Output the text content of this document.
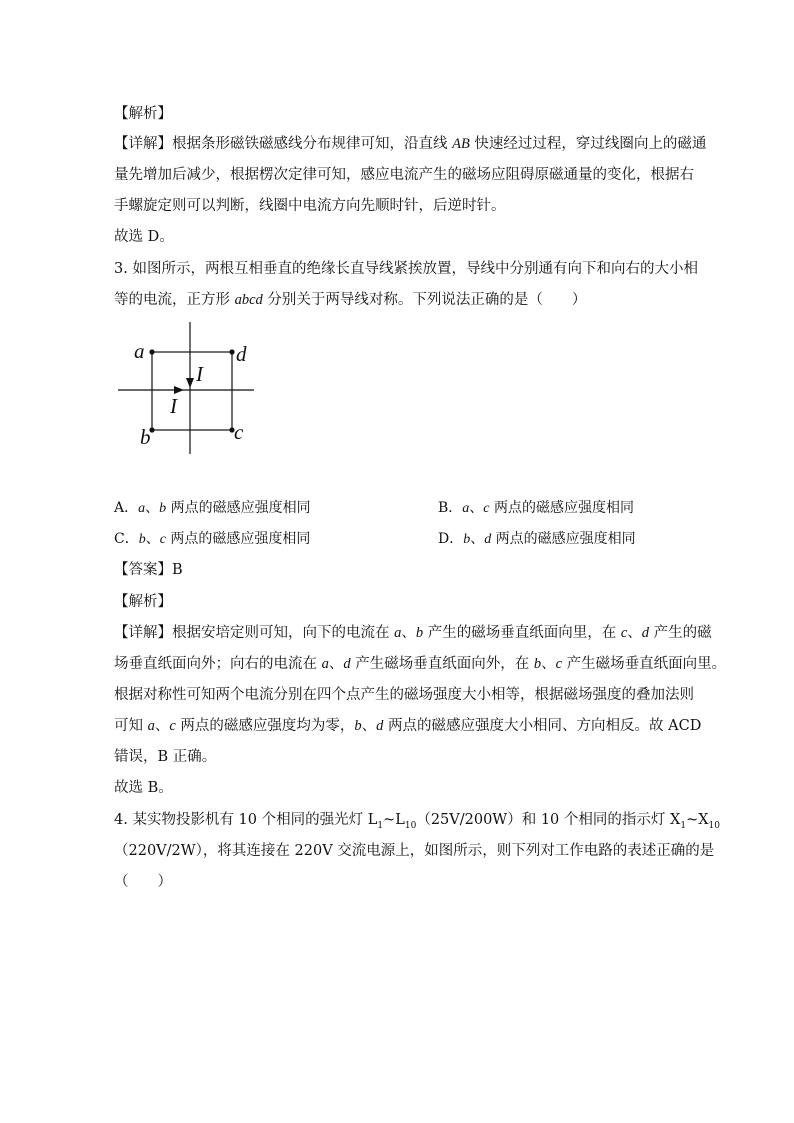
【解析】
【详解】根据条形磁铁磁感线分布规律可知，沿直线 AB 快速经过过程，穿过线圈向上的磁通
量先增加后减少，根据楞次定律可知，感应电流产生的磁场应阻碍原磁通量的变化，根据右
手螺旋定则可以判断，线圈中电流方向先顺时针，后逆时针。
故选 D。
3. 如图所示，两根互相垂直的绝缘长直导线紧挨放置，导线中分别通有向下和向右的大小相
等的电流，正方形 abcd 分别关于两导线对称。下列说法正确的是（　　）
a	d
b	c
I
I
A．a、b 两点的磁感应强度相同	B．a、c 两点的磁感应强度相同
C．b、c 两点的磁感应强度相同	D．b、d 两点的磁感应强度相同
【答案】B
【解析】
【详解】根据安培定则可知，向下的电流在 a、b 产生的磁场垂直纸面向里，在 c、d 产生的磁
场垂直纸面向外；向右的电流在 a、d 产生磁场垂直纸面向外，在 b、c 产生磁场垂直纸面向里。
根据对称性可知两个电流分别在四个点产生的磁场强度大小相等，根据磁场强度的叠加法则
可知 a、c 两点的磁感应强度均为零，b、d 两点的磁感应强度大小相同、方向相反。故 ACD
错误，B 正确。
故选 B。
4. 某实物投影机有 10 个相同的强光灯 $L_1\sim L_{10}(25V/200W)$和 10 个相同的指示灯 $X_1\sim X_{10}$
（220V/2W），将其连接在 220V 交流电源上，如图所示，则下列对工作电路的表述正确的是
（　　）
